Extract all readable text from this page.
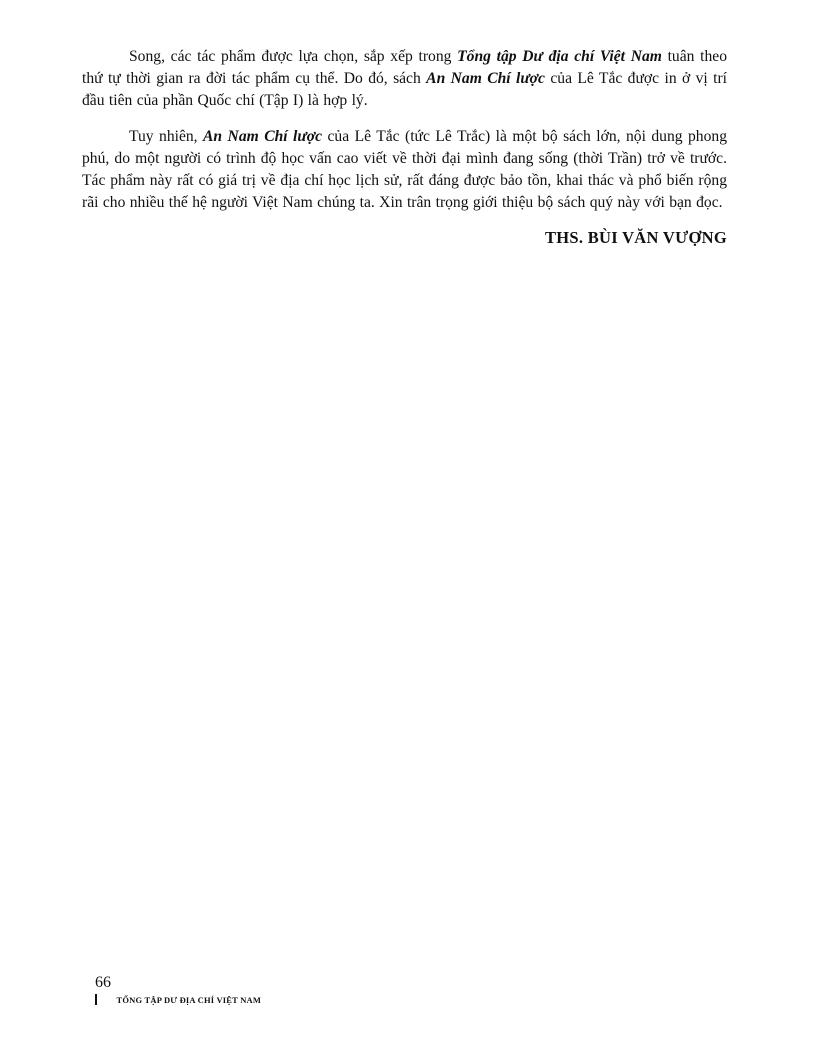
Song, các tác phẩm được lựa chọn, sắp xếp trong Tổng tập Dư địa chí Việt Nam tuân theo thứ tự thời gian ra đời tác phẩm cụ thể. Do đó, sách An Nam Chí lược của Lê Tắc được in ở vị trí đầu tiên của phần Quốc chí (Tập I) là hợp lý.

Tuy nhiên, An Nam Chí lược của Lê Tắc (tức Lê Trắc) là một bộ sách lớn, nội dung phong phú, do một người có trình độ học vấn cao viết về thời đại mình đang sống (thời Trần) trở về trước. Tác phẩm này rất có giá trị về địa chí học lịch sử, rất đáng được bảo tồn, khai thác và phổ biến rộng rãi cho nhiều thế hệ người Việt Nam chúng ta. Xin trân trọng giới thiệu bộ sách quý này với bạn đọc.

THS. BÙI VĂN VƯỢNG
66
TỔNG TẬP DƯ ĐỊA CHÍ VIỆT NAM
